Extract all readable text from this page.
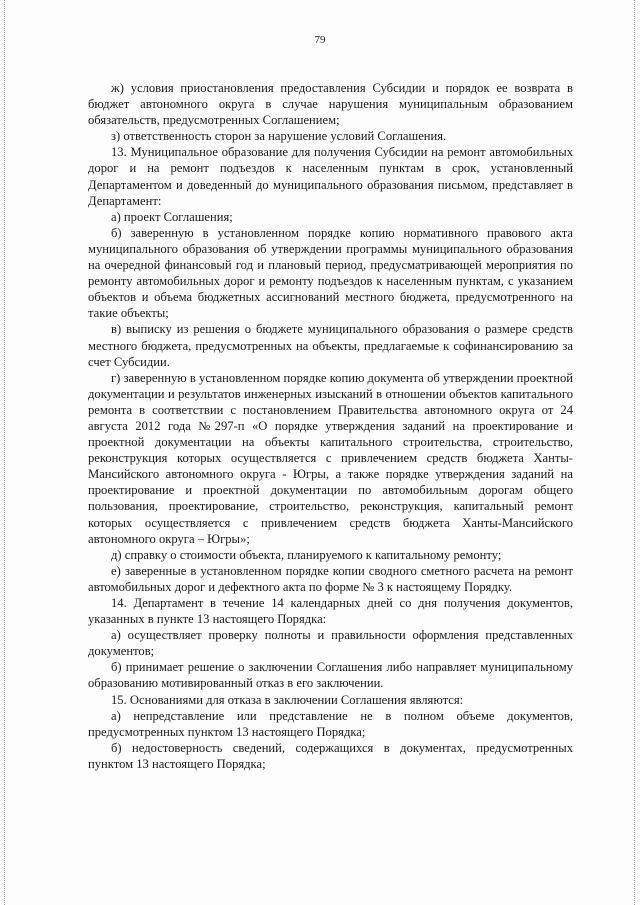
79

ж) условия приостановления предоставления Субсидии и порядок ее возврата в бюджет автономного округа в случае нарушения муниципальным образованием обязательств, предусмотренных Соглашением;

з) ответственность сторон за нарушение условий Соглашения.

13. Муниципальное образование для получения Субсидии на ремонт автомобильных дорог и на ремонт подъездов к населенным пунктам в срок, установленный Департаментом и доведенный до муниципального образования письмом, представляет в Департамент:

а) проект Соглашения;

б) заверенную в установленном порядке копию нормативного правового акта муниципального образования об утверждении программы муниципального образования на очередной финансовый год и плановый период, предусматривающей мероприятия по ремонту автомобильных дорог и ремонту подъездов к населенным пунктам, с указанием объектов и объема бюджетных ассигнований местного бюджета, предусмотренного на такие объекты;

в) выписку из решения о бюджете муниципального образования о размере средств местного бюджета, предусмотренных на объекты, предлагаемые к софинансированию за счет Субсидии.

г) заверенную в установленном порядке копию документа об утверждении проектной документации и результатов инженерных изысканий в отношении объектов капитального ремонта в соответствии с постановлением Правительства автономного округа от 24 августа 2012 года №297-п «О порядке утверждения заданий на проектирование и проектной документации на объекты капитального строительства, строительство, реконструкция которых осуществляется с привлечением средств бюджета Ханты-Мансийского автономного округа - Югры, а также порядке утверждения заданий на проектирование и проектной документации по автомобильным дорогам общего пользования, проектирование, строительство, реконструкция, капитальный ремонт которых осуществляется с привлечением средств бюджета Ханты-Мансийского автономного округа – Югры»;

д) справку о стоимости объекта, планируемого к капитальному ремонту;

е) заверенные в установленном порядке копии сводного сметного расчета на ремонт автомобильных дорог и дефектного акта по форме № 3 к настоящему Порядку.

14. Департамент в течение 14 календарных дней со дня получения документов, указанных в пункте 13 настоящего Порядка:

а) осуществляет проверку полноты и правильности оформления представленных документов;

б) принимает решение о заключении Соглашения либо направляет муниципальному образованию мотивированный отказ в его заключении.

15. Основаниями для отказа в заключении Соглашения являются:

а) непредставление или представление не в полном объеме документов, предусмотренных пунктом 13 настоящего Порядка;

б) недостоверность сведений, содержащихся в документах, предусмотренных пунктом 13 настоящего Порядка;
